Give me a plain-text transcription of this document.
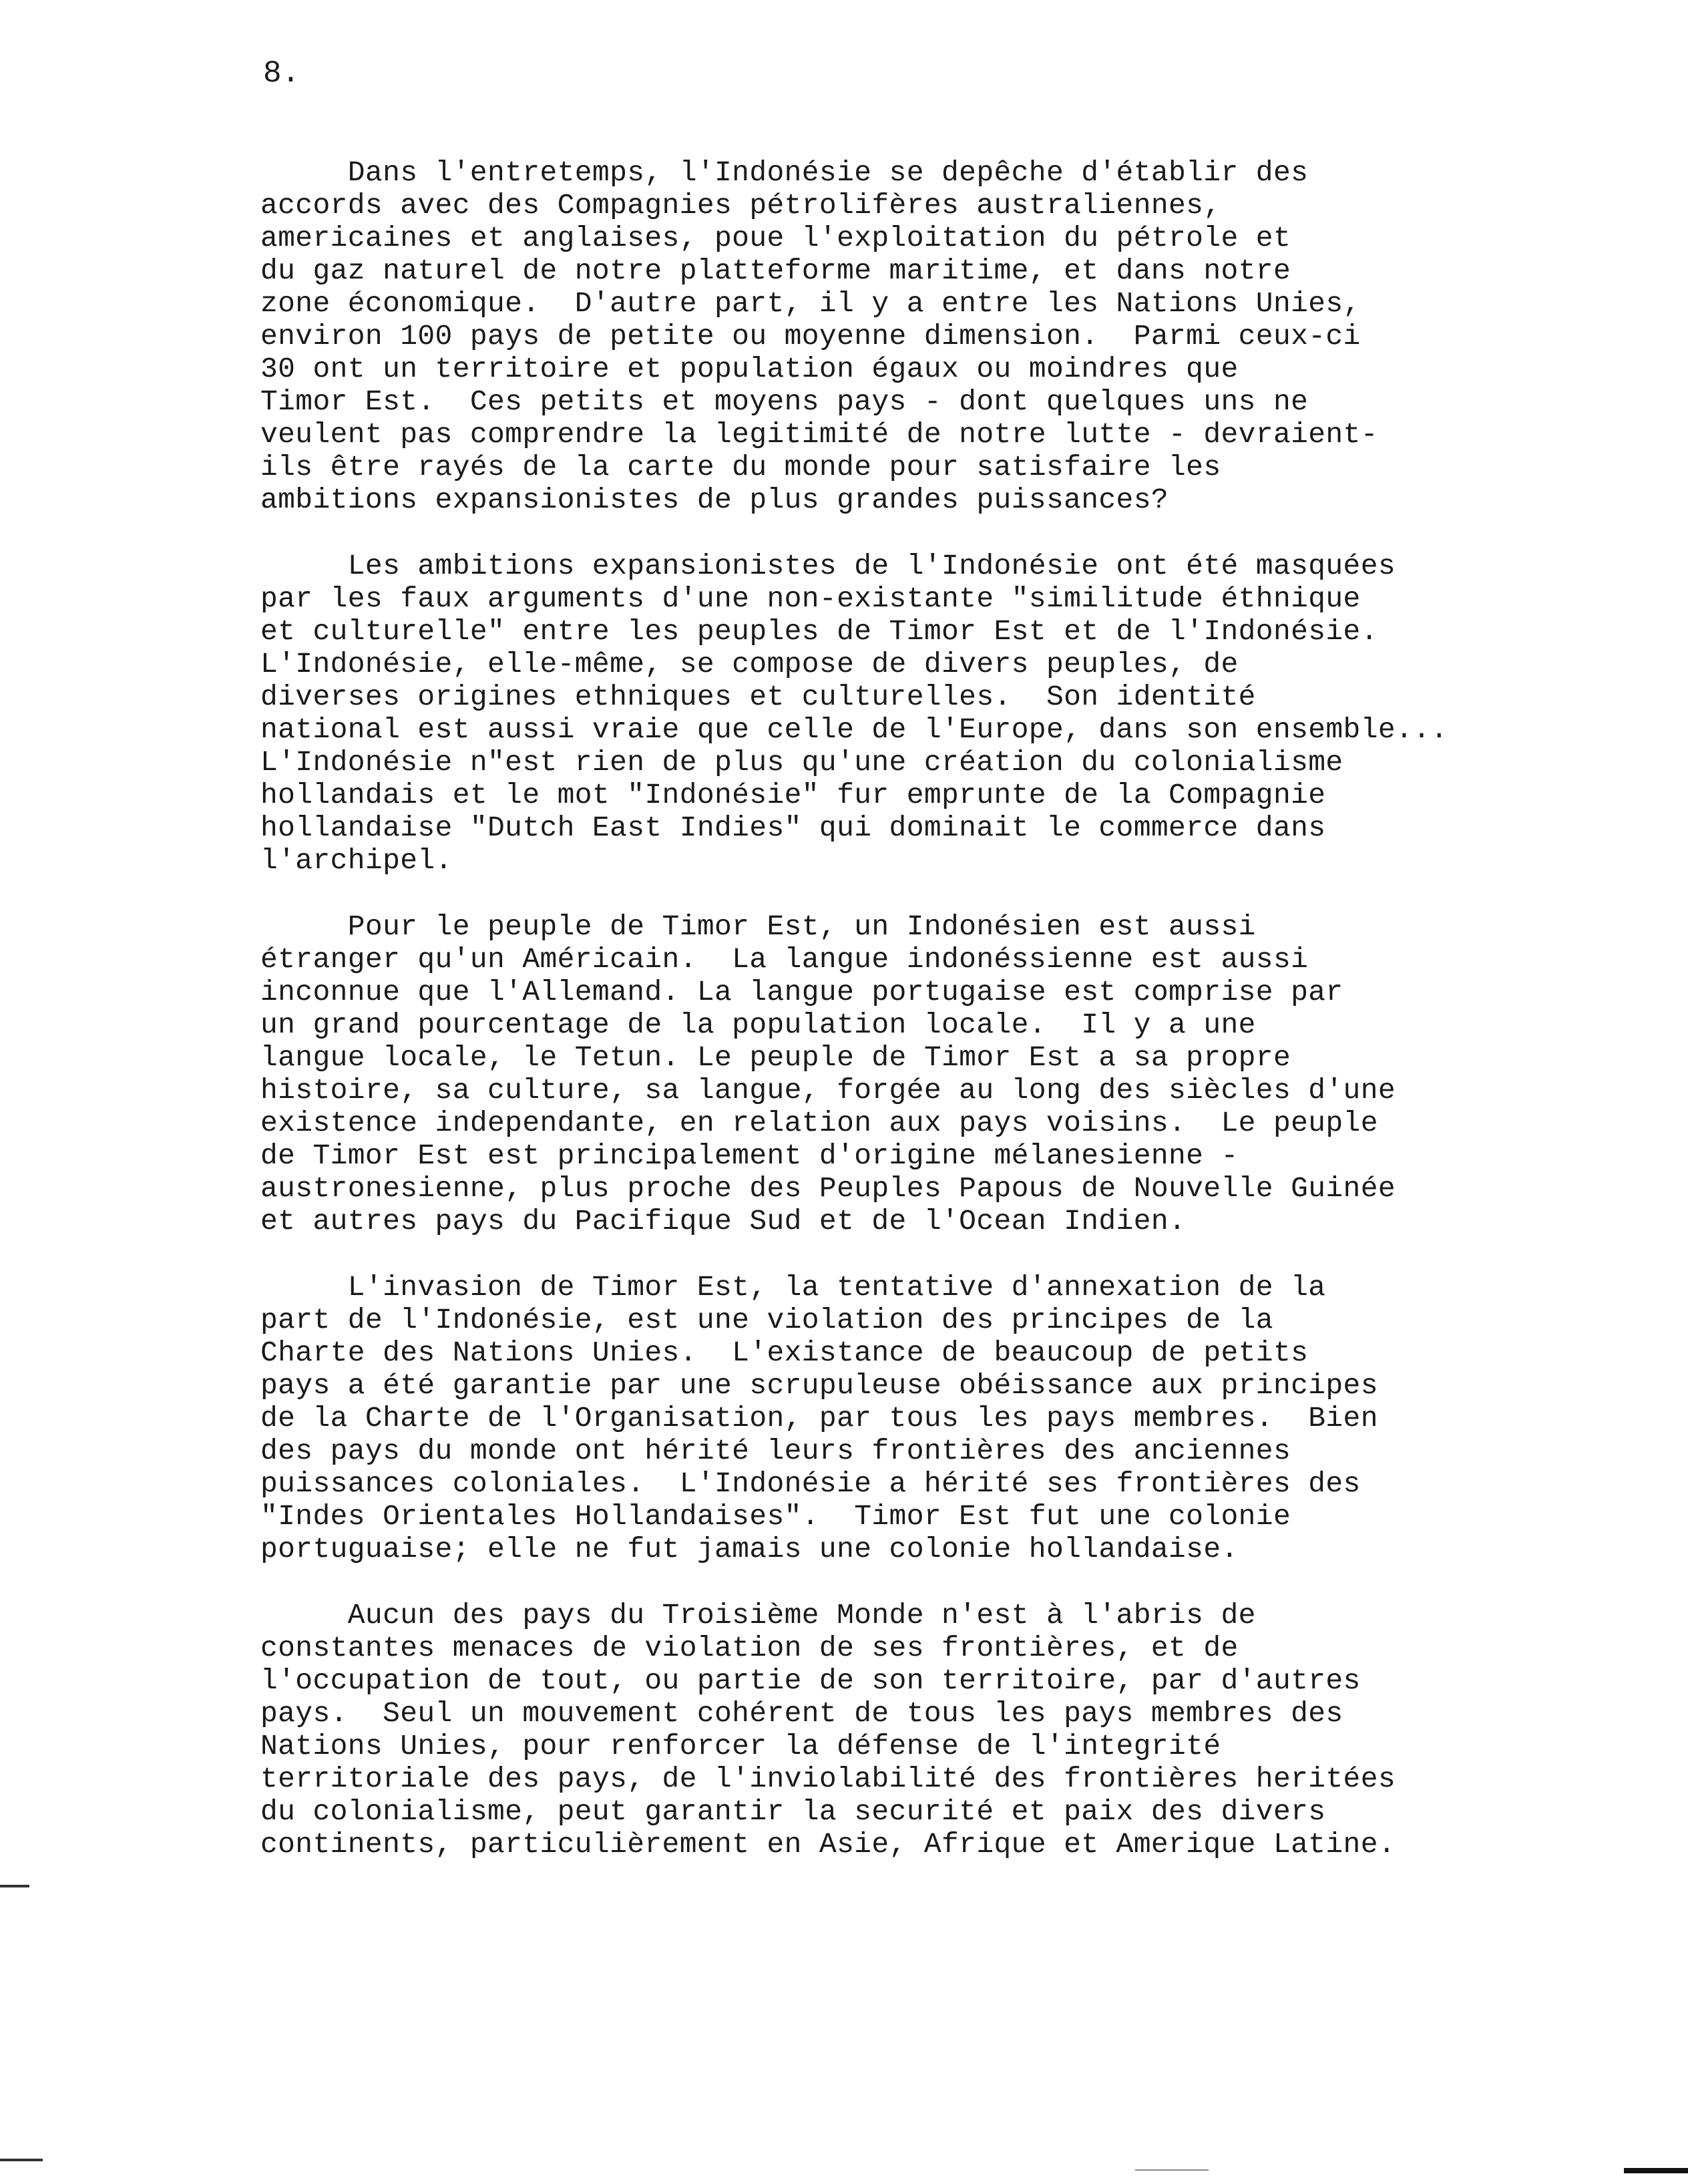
8.

Dans l'entretemps, l'Indonésie se depêche d'établir des
accords avec des Compagnies pétrolifères australiennes,
americaines et anglaises, poue l'exploitation du pétrole et
du gaz naturel de notre platteforme maritime, et dans notre
zone économique.  D'autre part, il y a entre les Nations Unies,
environ 100 pays de petite ou moyenne dimension.  Parmi ceux-ci
30 ont un territoire et population égaux ou moindres que
Timor Est.  Ces petits et moyens pays - dont quelques uns ne
veulent pas comprendre la legitimité de notre lutte - devraient-
ils être rayés de la carte du monde pour satisfaire les
ambitions expansionistes de plus grandes puissances?

Les ambitions expansionistes de l'Indonésie ont été masquées
par les faux arguments d'une non-existante "similitude éthnique
et culturelle" entre les peuples de Timor Est et de l'Indonésie.
L'Indonésie, elle-même, se compose de divers peuples, de
diverses origines ethniques et culturelles.  Son identité
national est aussi vraie que celle de l'Europe, dans son ensemble...
L'Indonésie n"est rien de plus qu'une création du colonialisme
hollandais et le mot "Indonésie" fur emprunte de la Compagnie
hollandaise "Dutch East Indies" qui dominait le commerce dans
l'archipel.

Pour le peuple de Timor Est, un Indonésien est aussi
étranger qu'un Américain.  La langue indonéssienne est aussi
inconnue que l'Allemand. La langue portugaise est comprise par
un grand pourcentage de la population locale.  Il y a une
langue locale, le Tetun. Le peuple de Timor Est a sa propre
histoire, sa culture, sa langue, forgée au long des siècles d'une
existence independante, en relation aux pays voisins.  Le peuple
de Timor Est est principalement d'origine mélanesienne -
austronesienne, plus proche des Peuples Papous de Nouvelle Guinée
et autres pays du Pacifique Sud et de l'Ocean Indien.

L'invasion de Timor Est, la tentative d'annexation de la
part de l'Indonésie, est une violation des principes de la
Charte des Nations Unies.  L'existance de beaucoup de petits
pays a été garantie par une scrupuleuse obéissance aux principes
de la Charte de l'Organisation, par tous les pays membres.  Bien
des pays du monde ont hérité leurs frontières des anciennes
puissances coloniales.  L'Indonésie a hérité ses frontières des
"Indes Orientales Hollandaises".  Timor Est fut une colonie
portuguaise; elle ne fut jamais une colonie hollandaise.

Aucun des pays du Troisième Monde n'est à l'abris de
constantes menaces de violation de ses frontières, et de
l'occupation de tout, ou partie de son territoire, par d'autres
pays.  Seul un mouvement cohérent de tous les pays membres des
Nations Unies, pour renforcer la défense de l'integrité
territoriale des pays, de l'inviolabilité des frontières heritées
du colonialisme, peut garantir la securité et paix des divers
continents, particulièrement en Asie, Afrique et Amerique Latine.
